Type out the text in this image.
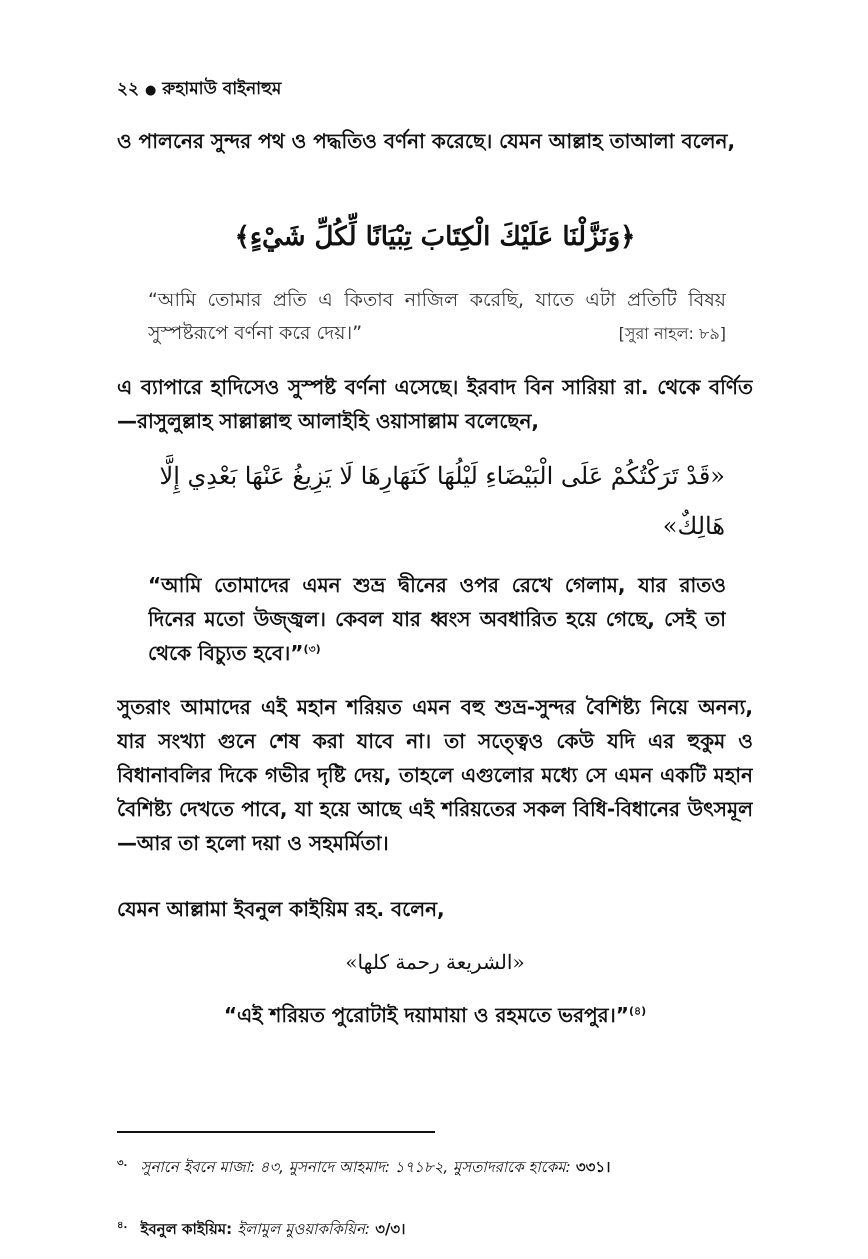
২২ ● রুহামাউ বাইনাহুম
ও পালনের সুন্দর পথ ও পদ্ধতিও বর্ণনা করেছে। যেমন আল্লাহ তাআলা বলেন,
﴿وَنَزَّلْنَا عَلَيْكَ الْكِتَابَ تِبْيَانًا لِّكُلِّ شَيْءٍ﴾
“আমি তোমার প্রতি এ কিতাব নাজিল করেছি, যাতে এটা প্রতিটি বিষয় সুস্পষ্টরূপে বর্ণনা করে দেয়।”	[সুরা নাহল: ৮৯]
এ ব্যাপারে হাদিসেও সুস্পষ্ট বর্ণনা এসেছে। ইরবাদ বিন সারিয়া রা. থেকে বর্ণিত—রাসুলুল্লাহ সাল্লাল্লাহু আলাইহি ওয়াসাল্লাম বলেছেন,
«قَدْ تَرَكْتُكُمْ عَلَى الْبَيْضَاءِ لَيْلُهَا كَنَهَارِهَا لَا يَزِيغُ عَنْهَا بَعْدِي إِلَّا
هَالِكٌ»
“আমি তোমাদের এমন শুভ্র দ্বীনের ওপর রেখে গেলাম, যার রাতও দিনের মতো উজ্জ্বল। কেবল যার ধ্বংস অবধারিত হয়ে গেছে, সেই তা থেকে বিচ্যুত হবে।”$^{(৩)}$
সুতরাং আমাদের এই মহান শরিয়ত এমন বহু শুভ্র-সুন্দর বৈশিষ্ট্য নিয়ে অনন্য, যার সংখ্যা গুনে শেষ করা যাবে না। তা সত্ত্বেও কেউ যদি এর হুকুম ও বিধানাবলির দিকে গভীর দৃষ্টি দেয়, তাহলে এগুলোর মধ্যে সে এমন একটি মহান বৈশিষ্ট্য দেখতে পাবে, যা হয়ে আছে এই শরিয়তের সকল বিধি-বিধানের উৎসমূল—আর তা হলো দয়া ও সহমর্মিতা।
যেমন আল্লামা ইবনুল কাইয়িম রহ. বলেন,
«الشريعة رحمة كلها»
“এই শরিয়ত পুরোটাই দয়ামায়া ও রহমতে ভরপুর।”$^{(৪)}$
$^{৩.}$ সুনানে ইবনে মাজা: ৪৩, মুসনাদে আহমাদ: ১৭১৮২, মুসতাদরাকে হাকেম: ৩৩১।
$^{৪.}$ ইবনুল কাইয়িম: ইলামুল মুওয়াককিয়িন: ৩/৩।
